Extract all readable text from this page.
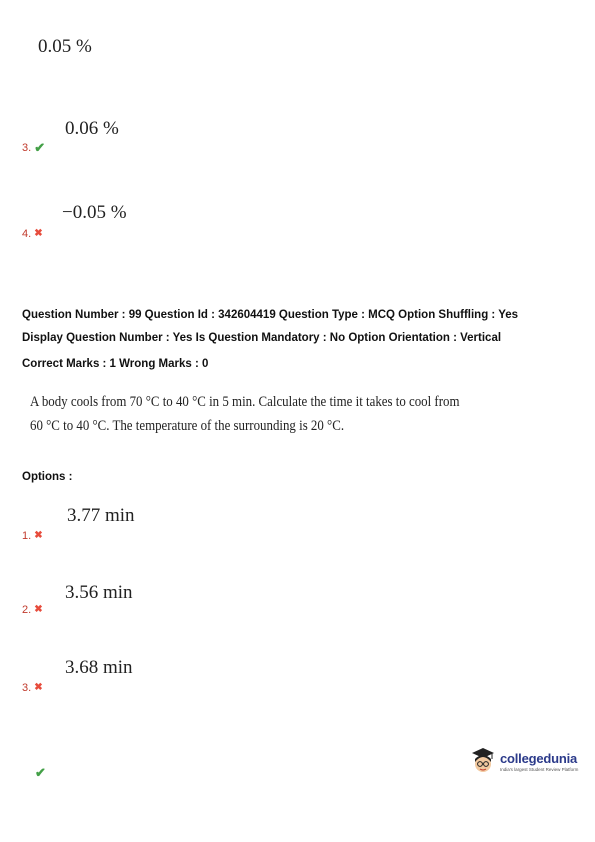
0.05 %
0.06 %
3. ✔
−0.05 %
4. ✖
Question Number : 99 Question Id : 342604419 Question Type : MCQ Option Shuffling : Yes
Display Question Number : Yes Is Question Mandatory : No Option Orientation : Vertical
Correct Marks : 1 Wrong Marks : 0
A body cools from 70 °C to 40 °C in 5 min. Calculate the time it takes to cool from
60 °C to 40 °C. The temperature of the surrounding is 20 °C.
Options :
3.77 min
1. ✖
3.56 min
2. ✖
3.68 min
3. ✖
✔
collegedunia
India's largest Student Review Platform
